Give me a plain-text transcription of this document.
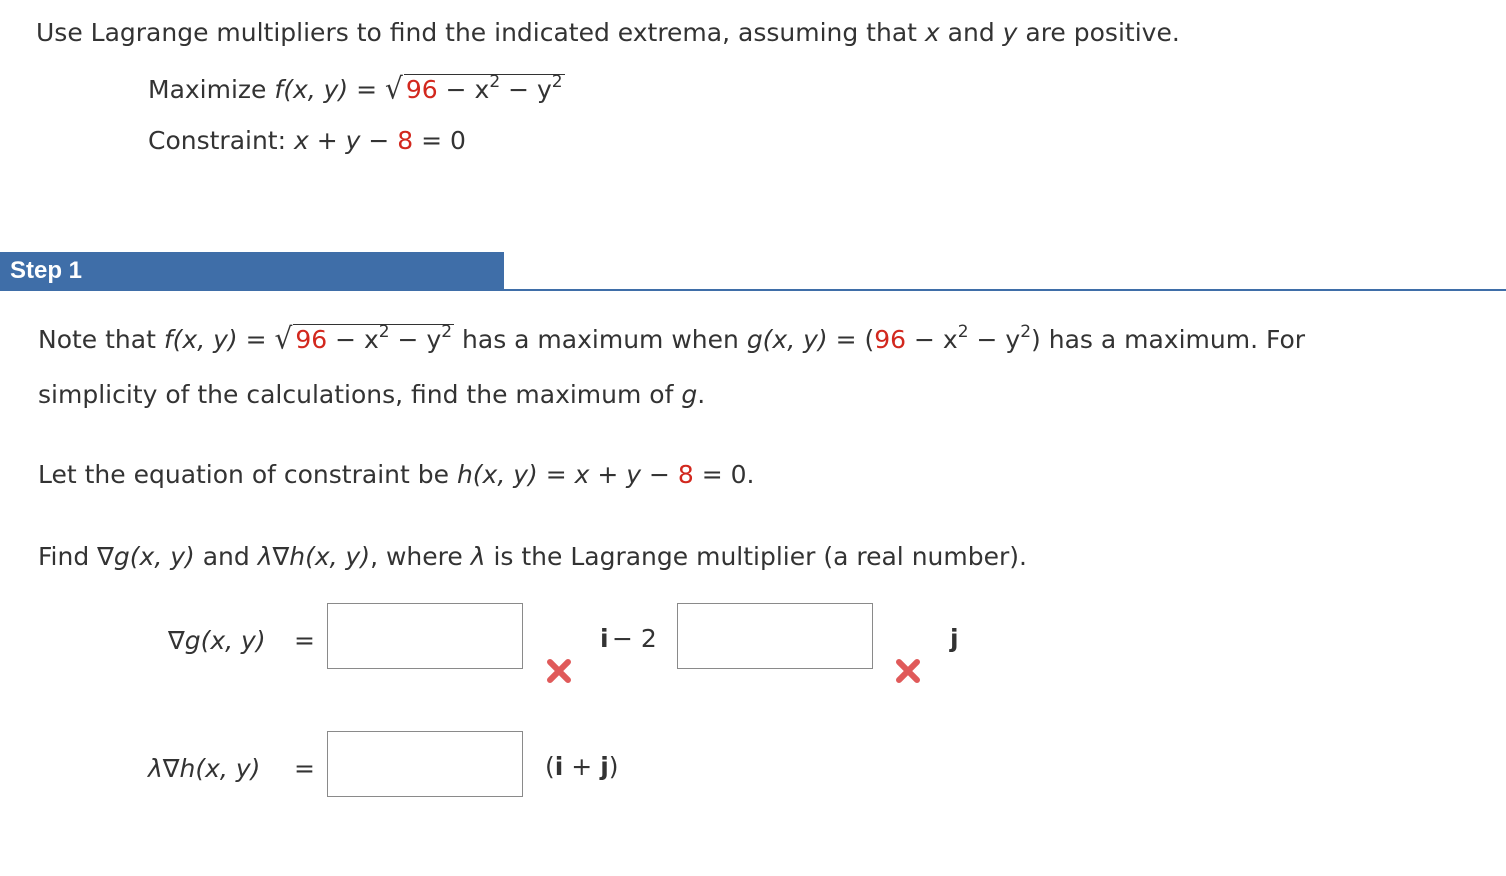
Use Lagrange multipliers to find the indicated extrema, assuming that x and y are positive.
Maximize f(x, y) = √ $96 - x^2 - y^2$
Constraint: x + y − 8 = 0
Step 1
Note that f(x, y) = √ $96 - x^2 - y^2$ has a maximum when g(x, $y) = (96 - x^2 - y^2)$ has a maximum. For
simplicity of the calculations, find the maximum of g.
Let the equation of constraint be h(x, y) = x + y − 8 = 0.
Find ∇g(x, y) and λ∇h(x, y), where λ is the Lagrange multiplier (a real number).
∇g(x, y) =	i − 2	j
λ∇h(x, y) =	(i + j)
